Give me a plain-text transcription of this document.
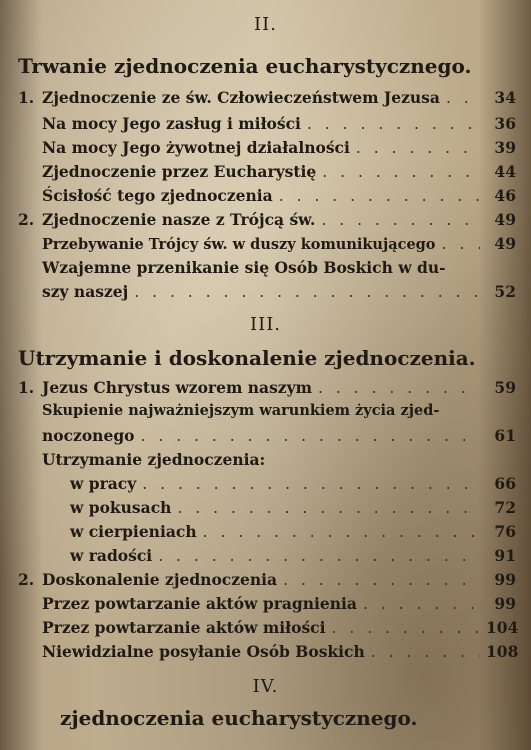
II.
Trwanie zjednoczenia eucharystycznego.
1. Zjednoczenie ze św. Człowieczeństwem Jezusa . . .	34
Na mocy Jego zasług i miłości . . .	36
Na mocy Jego żywotnej działalności . . .	39
Zjednoczenie przez Eucharystię . . .	44
Ścisłość tego zjednoczenia . . .	46
2. Zjednoczenie nasze z Trójcą św. . . .	49
Przebywanie Trójcy św. w duszy komunikującego . . .	49
Wzajemne przenikanie się Osób Boskich w du-
szy naszej . . .	52
III.
Utrzymanie i doskonalenie zjednoczenia.
1. Jezus Chrystus wzorem naszym . . .	59
Skupienie najważniejszym warunkiem życia zjed-
noczonego . . .	61
Utrzymanie zjednoczenia:
w pracy . . .	66
w pokusach . . .	72
w cierpieniach . . .	76
w radości . . .	91
2. Doskonalenie zjednoczenia . . .	99
Przez powtarzanie aktów pragnienia . . .	99
Przez powtarzanie aktów miłości . . .	104
Niewidzialne posyłanie Osób Boskich . . .	108
IV.
zjednoczenia eucharystycznego.
